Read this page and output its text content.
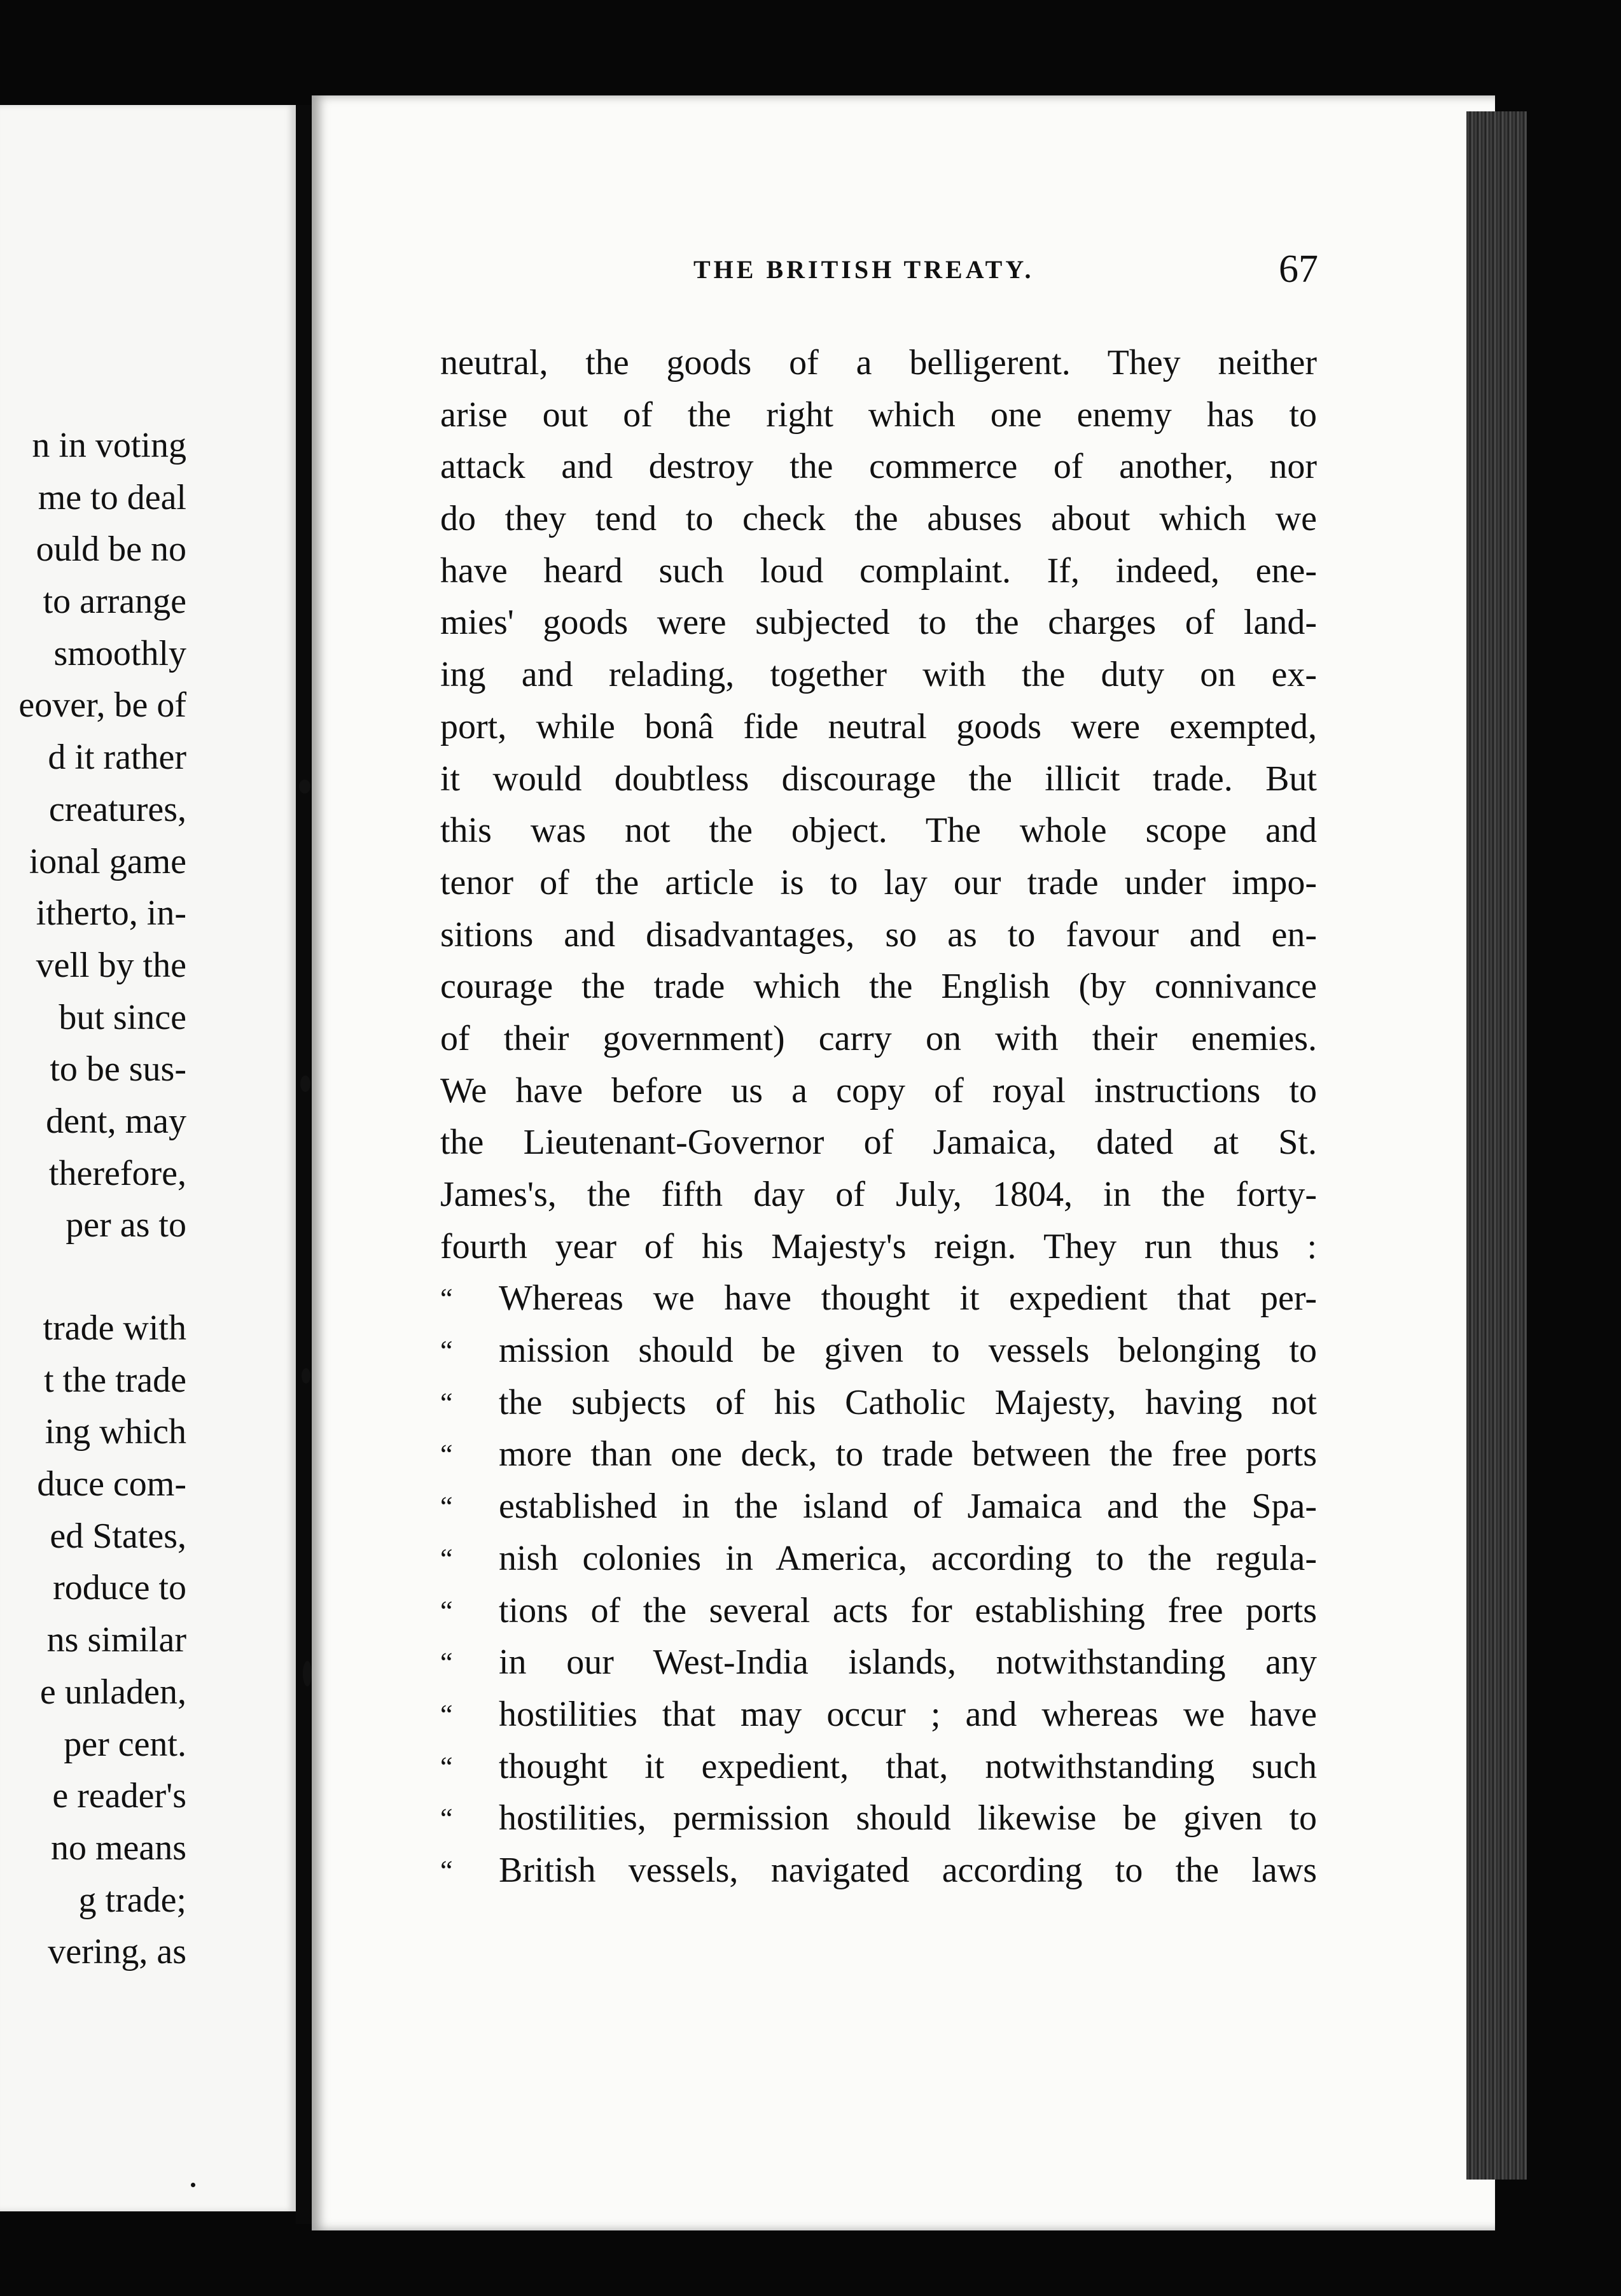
n in voting
me to deal
ould be no
to arrange
smoothly
eover, be of
d it rather
creatures,
ional game
itherto, in-
vell by the
but since
to be sus-
dent, may
therefore,
per as to
trade with
t the trade
ing which
duce com-
ed States,
roduce to
ns similar
e unladen,
per cent.
e reader's
no means
g trade;
vering, as
THE BRITISH TREATY.	67
neutral, the goods of a belligerent. They neither
arise out of the right which one enemy has to
attack and destroy the commerce of another, nor
do they tend to check the abuses about which we
have heard such loud complaint. If, indeed, ene-
mies' goods were subjected to the charges of land-
ing and relading, together with the duty on ex-
port, while bonâ fide neutral goods were exempted,
it would doubtless discourage the illicit trade. But
this was not the object. The whole scope and
tenor of the article is to lay our trade under impo-
sitions and disadvantages, so as to favour and en-
courage the trade which the English (by connivance
of their government) carry on with their enemies.
We have before us a copy of royal instructions to
the Lieutenant-Governor of Jamaica, dated at St.
James's, the fifth day of July, 1804, in the forty-
fourth year of his Majesty's reign. They run thus :
“	Whereas we have thought it expedient that per-
“	mission should be given to vessels belonging to
“	the subjects of his Catholic Majesty, having not
“	more than one deck, to trade between the free ports
“	established in the island of Jamaica and the Spa-
“	nish colonies in America, according to the regula-
“	tions of the several acts for establishing free ports
“	in our West-India islands, notwithstanding any
“	hostilities that may occur ; and whereas we have
“	thought it expedient, that, notwithstanding such
“	hostilities, permission should likewise be given to
“	British vessels, navigated according to the laws
